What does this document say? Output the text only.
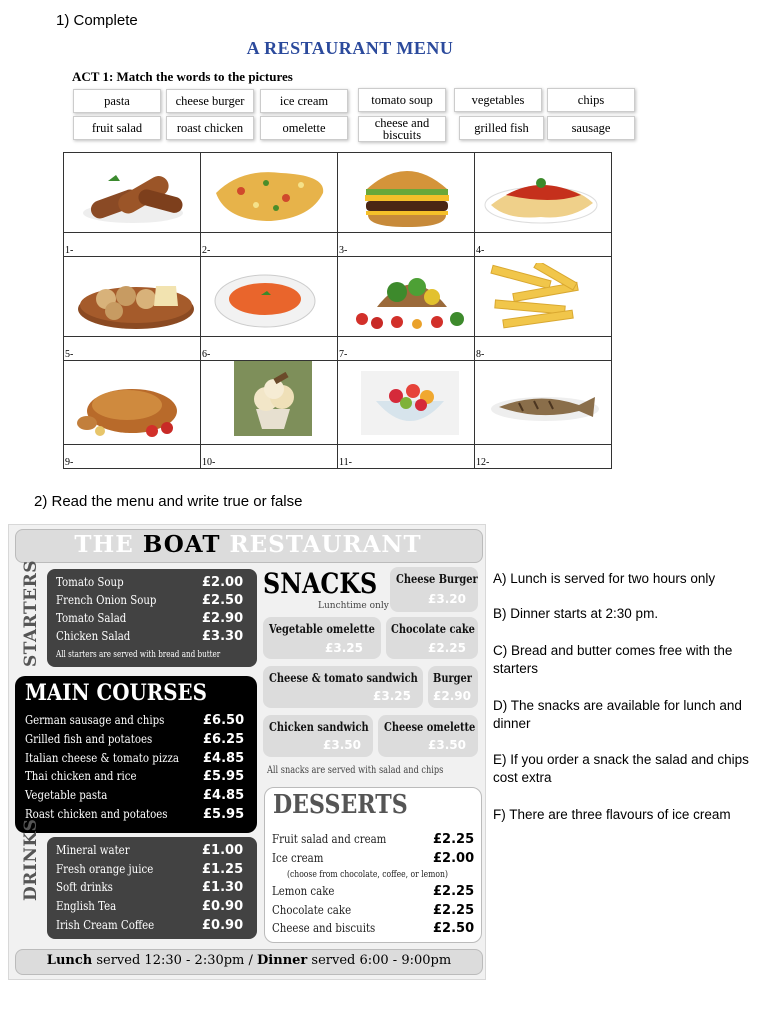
1) Complete
A RESTAURANT MENU
ACT 1: Match the words to the pictures
pasta	cheese burger	ice cream	tomato soup	vegetables	chips
fruit salad	roast chicken	omelette	cheese and biscuits	grilled fish	sausage

1-	2-	3-	4-

5-	6-	7-	8-

9-	10-	11-	12-
2) Read the menu and write true or false
THE BOAT RESTAURANT
Tomato Soup	£2.00
French Onion Soup	£2.50
Tomato Salad	£2.90
Chicken Salad	£3.30
All starters are served with bread and butter
STARTERS
MAIN COURSES
German sausage and chips	£6.50
Grilled fish and potatoes	£6.25
Italian cheese & tomato pizza £4.85
Thai chicken and rice	£5.95
Vegetable pasta	£4.85
Roast chicken and potatoes	£5.95
Mineral water	£1.00
Fresh orange juice	£1.25
Soft drinks	£1.30
English Tea	£0.90
Irish Cream Coffee	£0.90
DRINKS
SNACKS
Lunchtime only
Cheese Burger
£3.20
Vegetable omelette
£3.25
Chocolate cake
£2.25
Cheese & tomato sandwich
£3.25
Burger
£2.90
Chicken sandwich
£3.50
Cheese omelette
£3.50
All snacks are served with salad and chips
DESSERTS
Fruit salad and cream	£2.25
Ice cream	£2.00
(choose from chocolate, coffee, or lemon)
Lemon cake	£2.25
Chocolate cake	£2.25
Cheese and biscuits	£2.50
Lunch served 12:30 - 2:30pm / Dinner served 6:00 - 9:00pm
A) Lunch is served for two hours only
B) Dinner starts at 2:30 pm.
C) Bread and butter comes free with the starters
D) The snacks are available for lunch and dinner
E) If you order a snack the salad and chips cost extra
F) There are three flavours of ice cream
